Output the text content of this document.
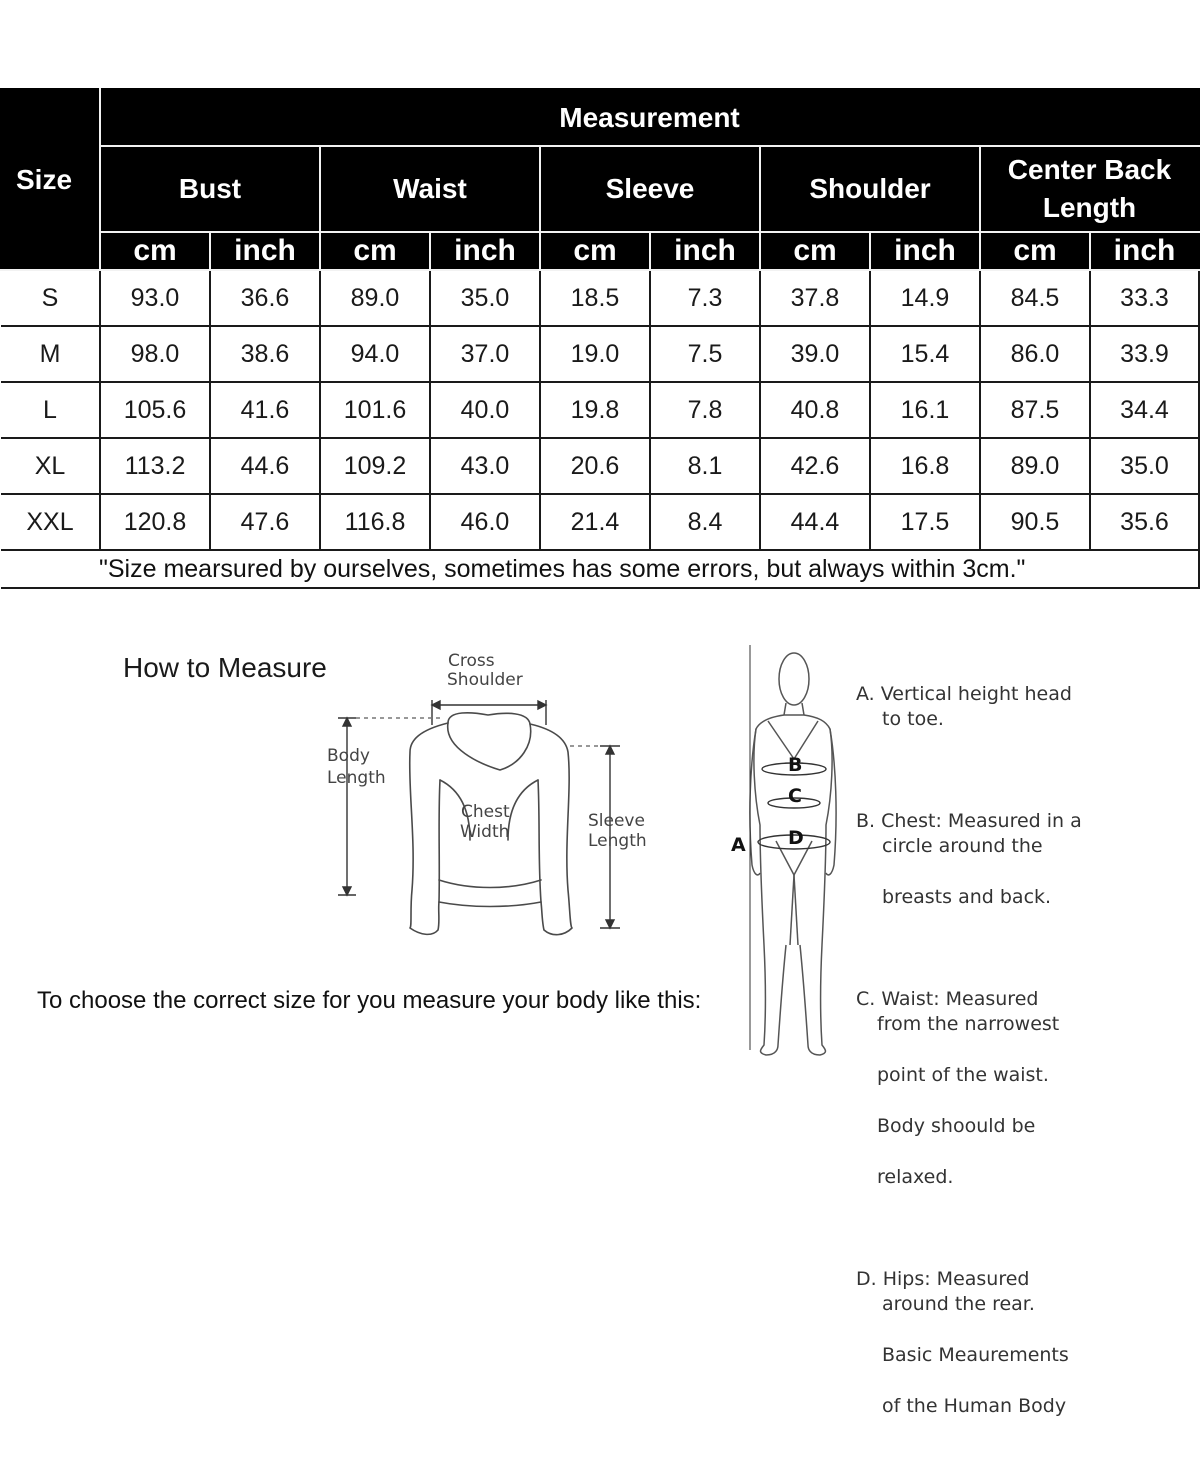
Size	Measurement									
	Bust		Waist		Sleeve		Shoulder		Center Back Length	
	cm	inch	cm	inch	cm	inch	cm	inch	cm	inch
S	93.0	36.6	89.0	35.0	18.5	7.3	37.8	14.9	84.5	33.3
M	98.0	38.6	94.0	37.0	19.0	7.5	39.0	15.4	86.0	33.9
L	105.6	41.6	101.6	40.0	19.8	7.8	40.8	16.1	87.5	34.4
XL	113.2	44.6	109.2	43.0	20.6	8.1	42.6	16.8	89.0	35.0
XXL	120.8	47.6	116.8	46.0	21.4	8.4	44.4	17.5	90.5	35.6
"Size mearsured by ourselves, sometimes has some errors, but always within 3cm."										
How to Measure	Cross
Shoulder
Body
Length
Chest
Width
Sleeve
Length
To choose the correct size for you measure your body like this:
B
C
D
A

A. Vertical height head

to toe.

B. Chest: Measured in a

circle around the

breasts and back.

C. Waist: Measured

from the narrowest

point of the waist.

Body shoould be

relaxed.

D. Hips: Measured

around the rear.

Basic Meaurements

of the Human Body
